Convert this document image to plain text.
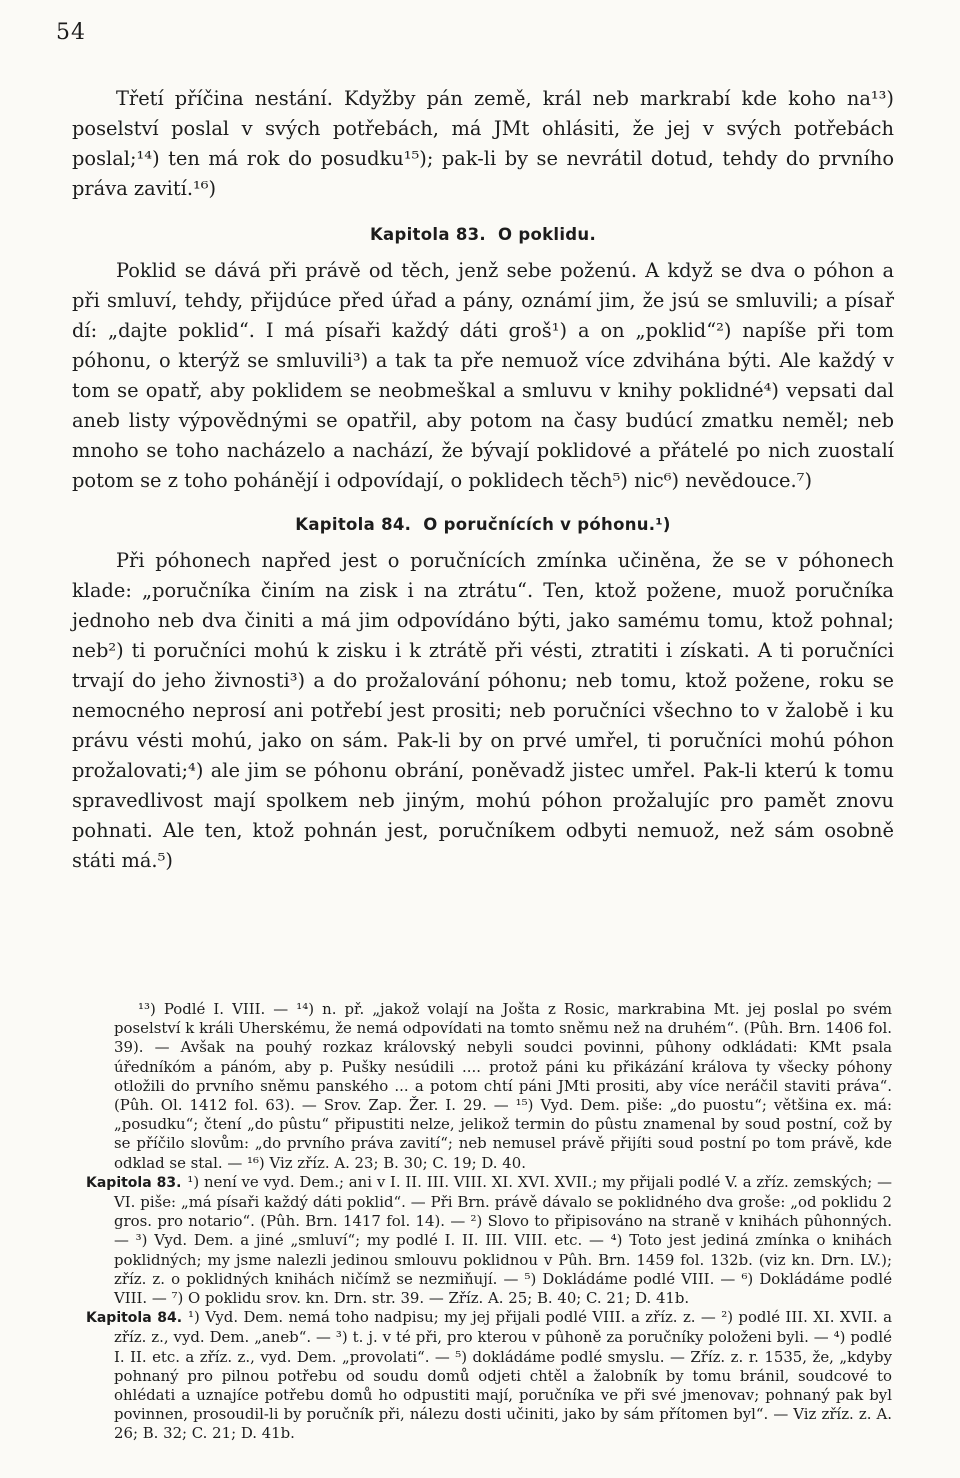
54

Třetí příčina nestání. Kdyžby pán země, král neb markrabí kde koho na¹³) poselství poslal v svých potřebách, má JMt ohlásiti, že jej v svých potřebách poslal;¹⁴) ten má rok do posudku¹⁵); pak-li by se nevrátil dotud, tehdy do prvního práva zavití.¹⁶)

Kapitola 83. O poklidu.

Poklid se dává při právě od těch, jenž sebe poženú. A když se dva o póhon a při smluví, tehdy, přijdúce před úřad a pány, oznámí jim, že jsú se smluvili; a písař dí: „dajte poklid“. I má písaři každý dáti groš¹) a on „poklid“²) napíše při tom póhonu, o kterýž se smluvili³) a tak ta pře nemuož více zdvihána býti. Ale každý v tom se opatř, aby poklidem se neobmeškal a smluvu v knihy poklidné⁴) vepsati dal aneb listy výpovědnými se opatřil, aby potom na časy budúcí zmatku neměl; neb mnoho se toho nacházelo a nachází, že bývají poklidové a přátelé po nich zuostalí potom se z toho pohánějí i odpovídají, o poklidech těch⁵) nic⁶) nevědouce.⁷)

Kapitola 84. O poručnících v póhonu.¹)

Při póhonech napřed jest o poručnících zmínka učiněna, že se v póhonech klade: „poručníka činím na zisk i na ztrátu“. Ten, ktož požene, muož poručníka jednoho neb dva činiti a má jim odpovídáno býti, jako samému tomu, ktož pohnal; neb²) ti poručníci mohú k zisku i k ztrátě při vésti, ztratiti i získati. A ti poručníci trvají do jeho živnosti³) a do prožalování póhonu; neb tomu, ktož požene, roku se nemocného neprosí ani potřebí jest prositi; neb poručníci všechno to v žalobě i ku právu vésti mohú, jako on sám. Pak-li by on prvé umřel, ti poručníci mohú póhon prožalovati;⁴) ale jim se póhonu obrání, poněvadž jistec umřel. Pak-li kterú k tomu spravedlivost mají spolkem neb jiným, mohú póhon prožalujíc pro pamět znovu pohnati. Ale ten, ktož pohnán jest, poručníkem odbyti nemuož, než sám osobně státi má.⁵)

¹³) Podlé I. VIII. — ¹⁴) n. př. „jakož volají na Jošta z Rosic, markrabina Mt. jej poslal po svém poselství k králi Uherskému, že nemá odpovídati na tomto sněmu než na druhém“. (Pûh. Brn. 1406 fol. 39). — Avšak na pouhý rozkaz královský nebyli soudci povinni, pûhony odkládati: KMt psala úředníkóm a pánóm, aby p. Pušky nesúdili .... protož páni ku přikázání králova ty všecky póhony otložili do prvního sněmu panského ... a potom chtí páni JMti prositi, aby více neráčil staviti práva“. (Pûh. Ol. 1412 fol. 63). — Srov. Zap. Žer. I. 29. — ¹⁵) Vyd. Dem. piše: „do puostu“; většina ex. má: „posudku“; čtení „do pûstu“ připustiti nelze, jelikož termin do pûstu znamenal by soud postní, což by se příčilo slovům: „do prvního práva zavití“; neb nemusel právě přijíti soud postní po tom právě, kde odklad se stal. — ¹⁶) Viz zříz. A. 23; B. 30; C. 19; D. 40.

Kapitola 83. ¹) není ve vyd. Dem.; ani v I. II. III. VIII. XI. XVI. XVII.; my přijali podlé V. a zříz. zemských; — VI. piše: „má písaři každý dáti poklid“. — Při Brn. právě dávalo se poklidného dva groše: „od poklidu 2 gros. pro notario“. (Pûh. Brn. 1417 fol. 14). — ²) Slovo to připisováno na straně v knihách pûhonných. — ³) Vyd. Dem. a jiné „smluví“; my podlé I. II. III. VIII. etc. — ⁴) Toto jest jediná zmínka o knihách poklidných; my jsme nalezli jedinou smlouvu poklidnou v Pûh. Brn. 1459 fol. 132b. (viz kn. Drn. LV.); zříz. z. o poklidných knihách ničímž se nezmiňují. — ⁵) Dokládáme podlé VIII. — ⁶) Dokládáme podlé VIII. — ⁷) O poklidu srov. kn. Drn. str. 39. — Zříz. A. 25; B. 40; C. 21; D. 41b.

Kapitola 84. ¹) Vyd. Dem. nemá toho nadpisu; my jej přijali podlé VIII. a zříz. z. — ²) podlé III. XI. XVII. a zříz. z., vyd. Dem. „aneb“. — ³) t. j. v té při, pro kterou v pûhoně za poručníky položeni byli. — ⁴) podlé I. II. etc. a zříz. z., vyd. Dem. „provolati“. — ⁵) dokládáme podlé smyslu. — Zříz. z. r. 1535, že, „kdyby pohnaný pro pilnou potřebu od soudu domů odjeti chtěl a žalobník by tomu bránil, soudcové to ohlédati a uznajíce potřebu domů ho odpustiti mají, poručníka ve při své jmenovav; pohnaný pak byl povinnen, prosoudil-li by poručník při, nálezu dosti učiniti, jako by sám přítomen byl“. — Viz zříz. z. A. 26; B. 32; C. 21; D. 41b.
